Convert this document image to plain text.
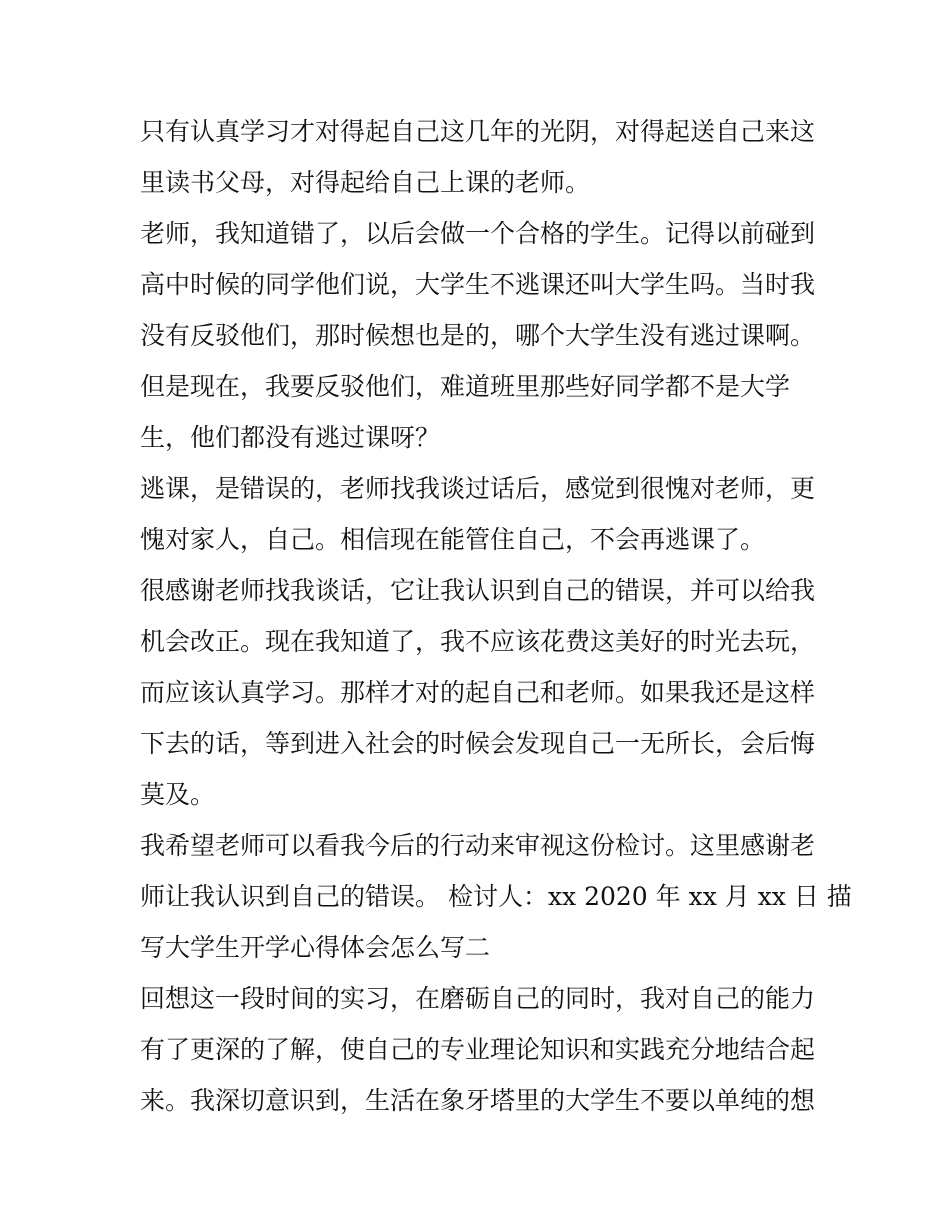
只有认真学习才对得起自己这几年的光阴，对得起送自己来这
里读书父母，对得起给自己上课的老师。
老师，我知道错了，以后会做一个合格的学生。记得以前碰到
高中时候的同学他们说，大学生不逃课还叫大学生吗。当时我
没有反驳他们，那时候想也是的，哪个大学生没有逃过课啊。
但是现在，我要反驳他们，难道班里那些好同学都不是大学
生，他们都没有逃过课呀？
逃课，是错误的，老师找我谈过话后，感觉到很愧对老师，更
愧对家人，自己。相信现在能管住自己，不会再逃课了。
很感谢老师找我谈话，它让我认识到自己的错误，并可以给我
机会改正。现在我知道了，我不应该花费这美好的时光去玩，
而应该认真学习。那样才对的起自己和老师。如果我还是这样
下去的话，等到进入社会的时候会发现自己一无所长，会后悔
莫及。
我希望老师可以看我今后的行动来审视这份检讨。这里感谢老
师让我认识到自己的错误。 检讨人：xx 2020 年 xx 月 xx 日 描
写大学生开学心得体会怎么写二
回想这一段时间的实习，在磨砺自己的同时，我对自己的能力
有了更深的了解，使自己的专业理论知识和实践充分地结合起
来。我深切意识到，生活在象牙塔里的大学生不要以单纯的想
